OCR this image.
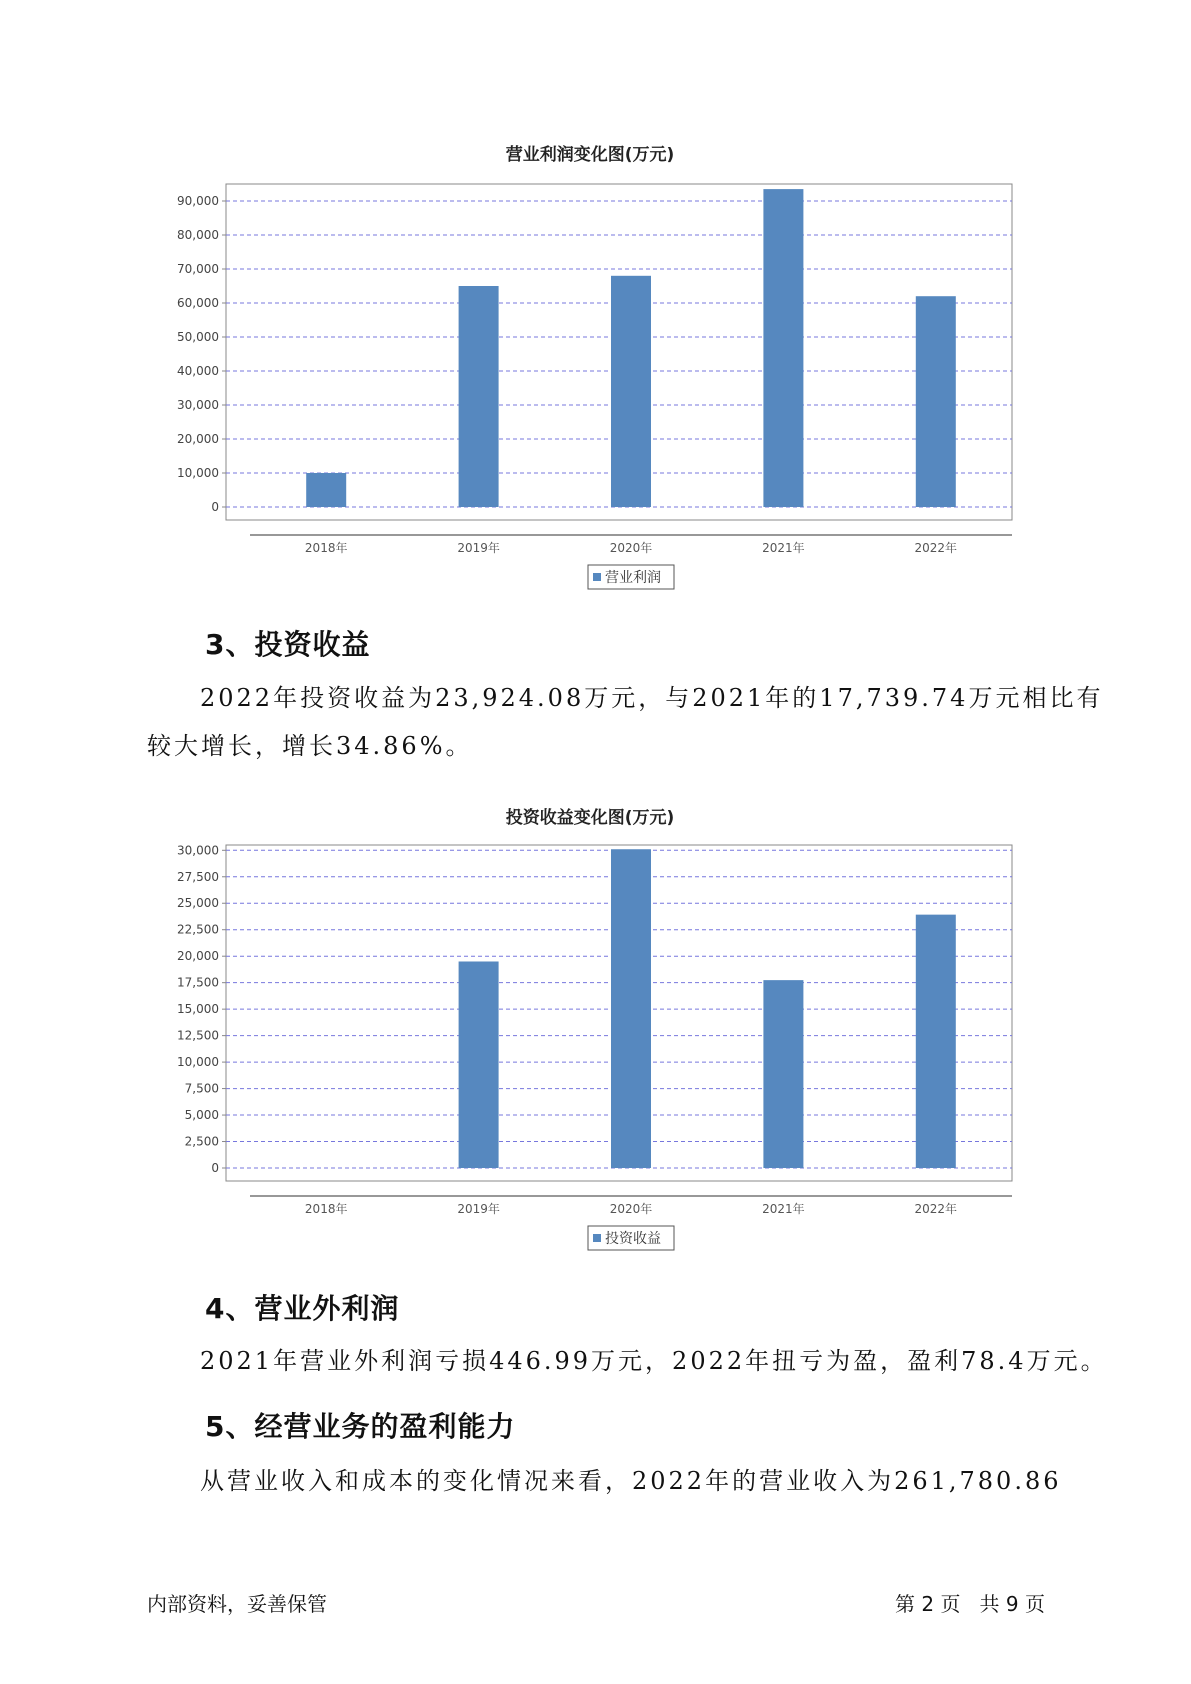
营业利润变化图(万元)
0
10,000
20,000
30,000
40,000
50,000
60,000
70,000
80,000
90,000
2018年	2019年	2020年	2021年	2022年
营业利润
3、投资收益
2022年投资收益为23,924.08万元，与2021年的17,739.74万元相比有
较大增长，增长34.86%。
投资收益变化图(万元)
0
2,500
5,000
7,500
10,000
12,500
15,000
17,500
20,000
22,500
25,000
27,500
30,000
2018年	2019年	2020年	2021年	2022年
投资收益
4、营业外利润
2021年营业外利润亏损446.99万元，2022年扭亏为盈，盈利78.4万元。
5、经营业务的盈利能力
从营业收入和成本的变化情况来看，2022年的营业收入为261,780.86
内部资料，妥善保管	第 2 页   共 9 页
